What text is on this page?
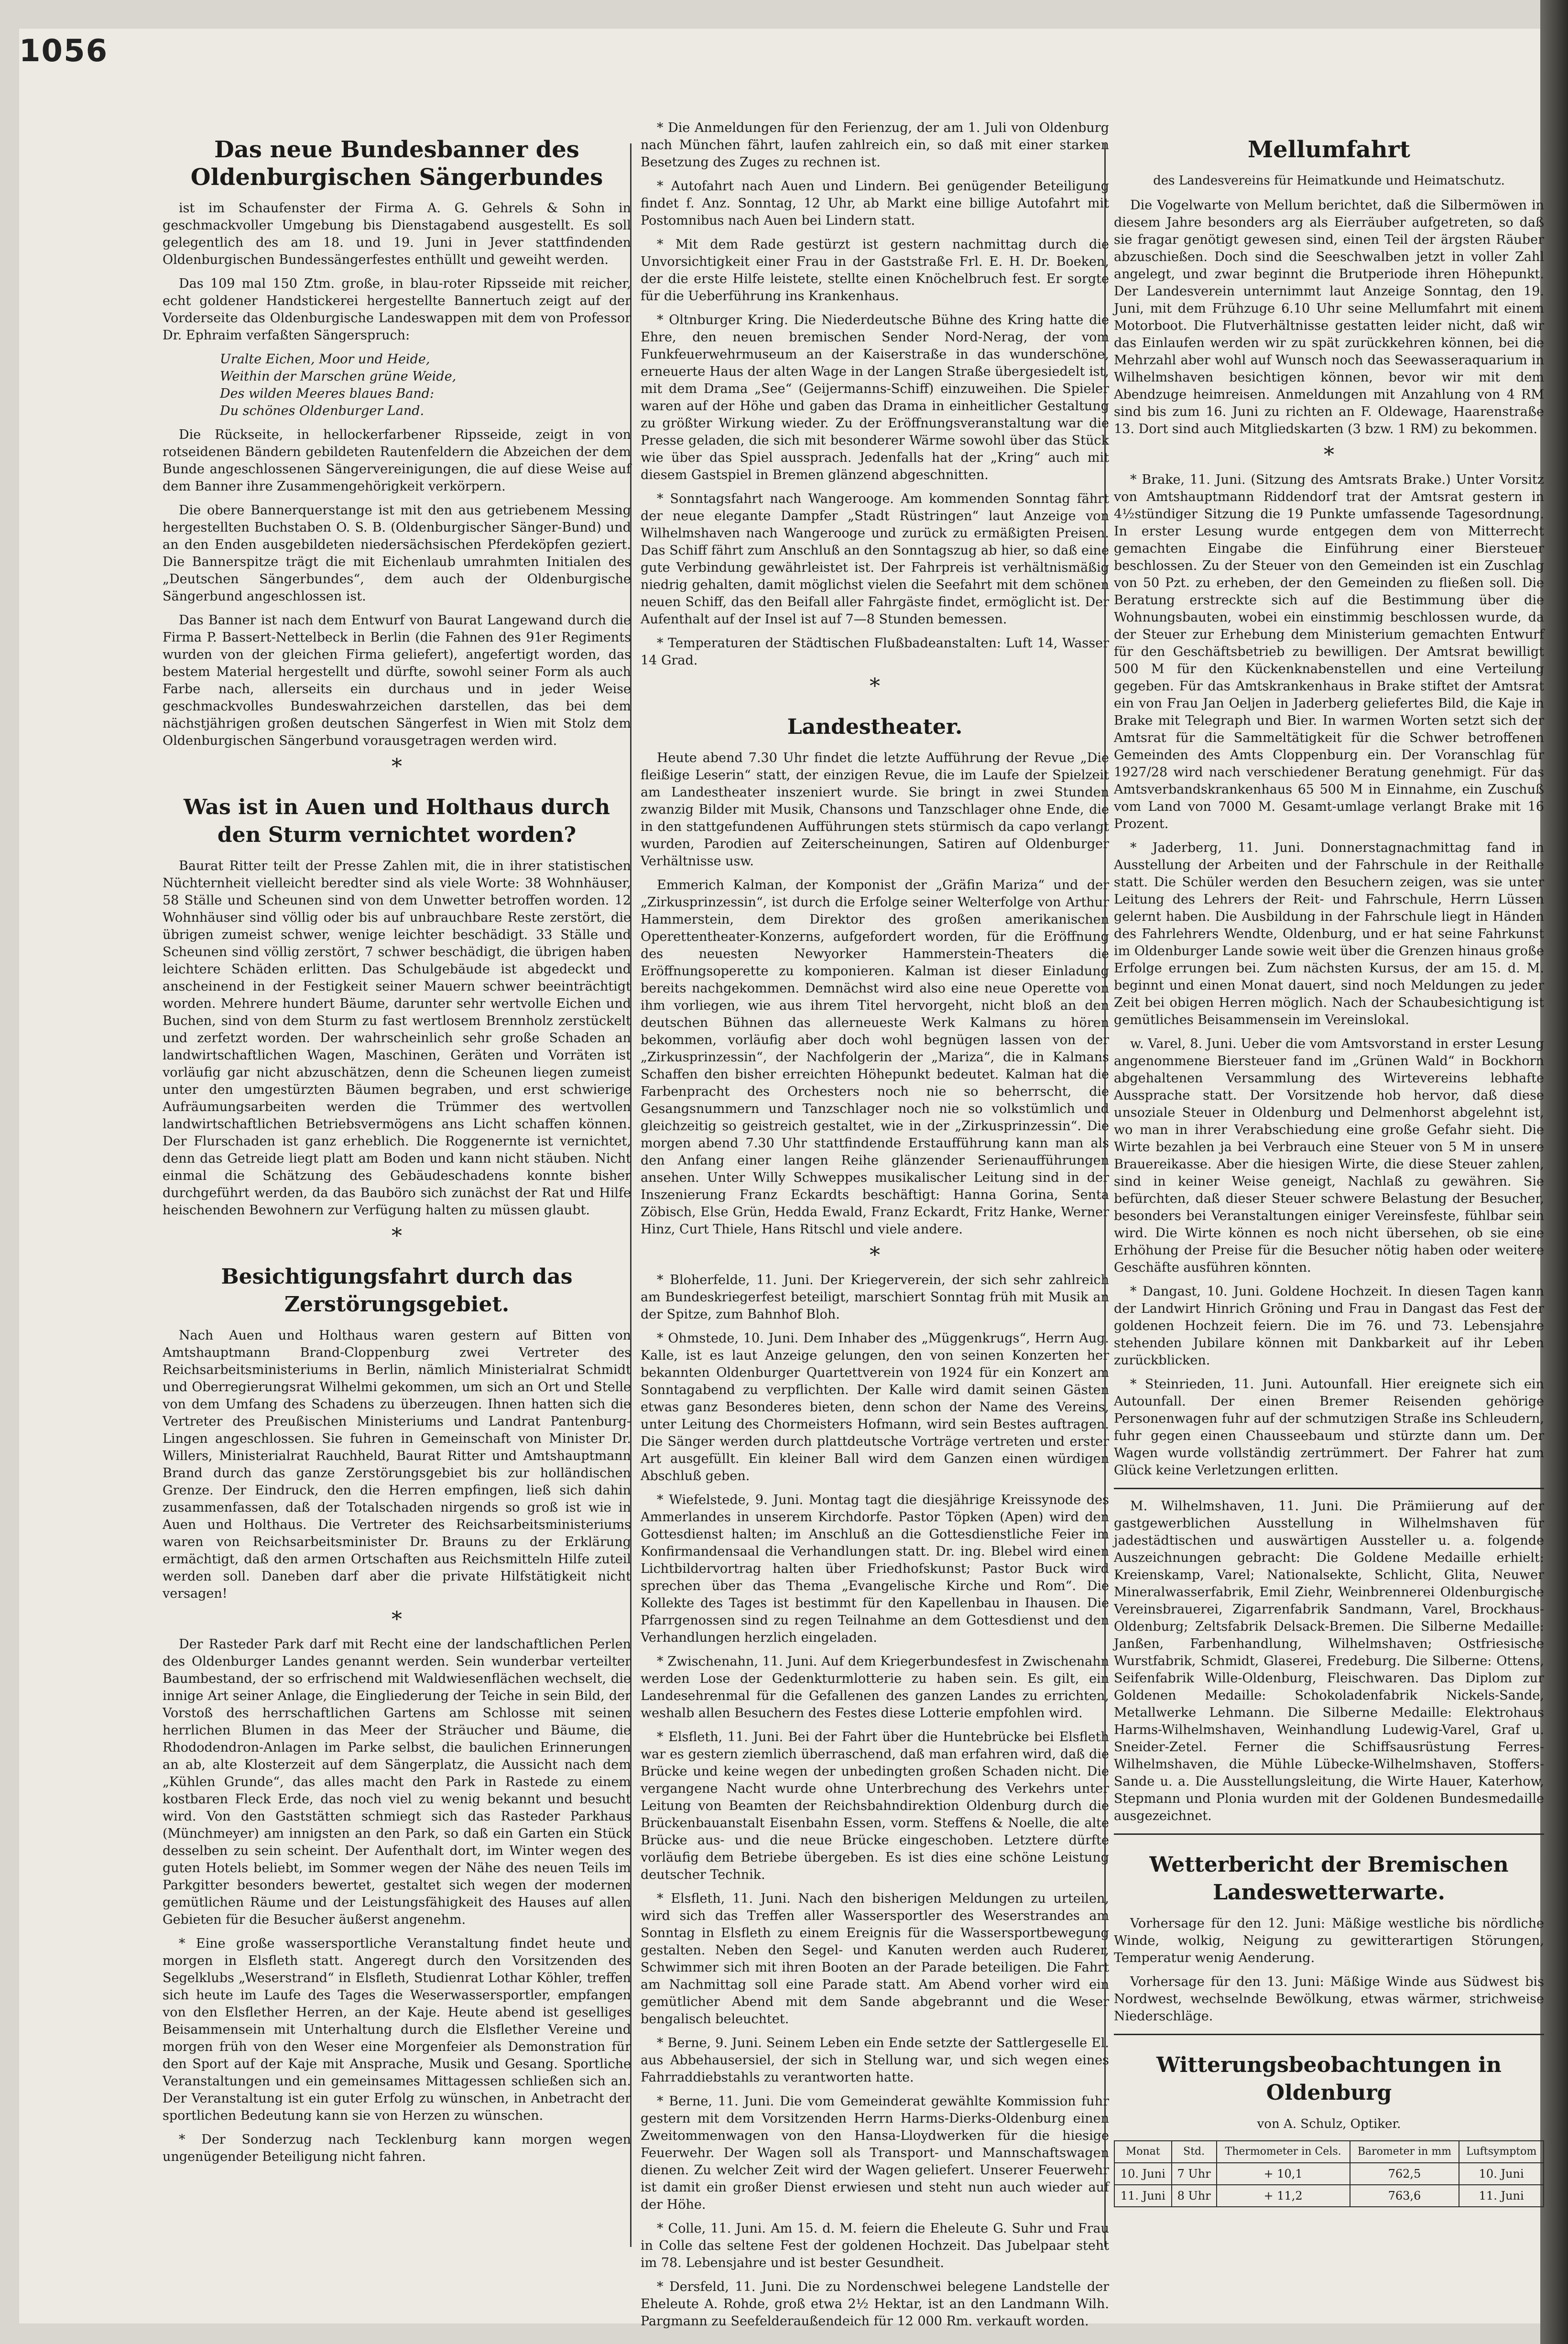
1056
Das neue Bundesbanner des Oldenburgischen Sängerbundes

ist im Schaufenster der Firma A. G. Gehrels & Sohn in geschmackvoller Umgebung bis Dienstagabend ausgestellt. Es soll gelegentlich des am 18. und 19. Juni in Jever stattfindenden Oldenburgischen Bundessängerfestes enthüllt und geweiht werden.

Das 109 mal 150 Ztm. große, in blau-roter Ripsseide mit reicher, echt goldener Handstickerei hergestellte Bannertuch zeigt auf der Vorderseite das Oldenburgische Landeswappen mit dem von Professor Dr. Ephraim verfaßten Sängerspruch:

Uralte Eichen, Moor und Heide,
Weithin der Marschen grüne Weide,
Des wilden Meeres blaues Band:
Du schönes Oldenburger Land.

Die Rückseite, in hellockerfarbener Ripsseide, zeigt in von rotseidenen Bändern gebildeten Rautenfeldern die Abzeichen der dem Bunde angeschlossenen Sängervereinigungen, die auf diese Weise auf dem Banner ihre Zusammengehörigkeit verkörpern.

Die obere Bannerquerstange ist mit den aus getriebenem Messing hergestellten Buchstaben O. S. B. (Oldenburgischer Sänger-Bund) und an den Enden ausgebildeten niedersächsischen Pferdeköpfen geziert. Die Bannerspitze trägt die mit Eichenlaub umrahmten Initialen des „Deutschen Sängerbundes“, dem auch der Oldenburgische Sängerbund angeschlossen ist.

Das Banner ist nach dem Entwurf von Baurat Langewand durch die Firma P. Bassert-Nettelbeck in Berlin (die Fahnen des 91er Regiments wurden von der gleichen Firma geliefert), angefertigt worden, das bestem Material hergestellt und dürfte, sowohl seiner Form als auch Farbe nach, allerseits ein durchaus und in jeder Weise geschmackvolles Bundeswahrzeichen darstellen, das bei dem nächstjährigen großen deutschen Sängerfest in Wien mit Stolz dem Oldenburgischen Sängerbund vorausgetragen werden wird.

*
Was ist in Auen und Holthaus durch den Sturm vernichtet worden?

Baurat Ritter teilt der Presse Zahlen mit, die in ihrer statistischen Nüchternheit vielleicht beredter sind als viele Worte: 38 Wohnhäuser, 58 Ställe und Scheunen sind von dem Unwetter betroffen worden. 12 Wohnhäuser sind völlig oder bis auf unbrauchbare Reste zerstört, die übrigen zumeist schwer, wenige leichter beschädigt. 33 Ställe und Scheunen sind völlig zerstört, 7 schwer beschädigt, die übrigen haben leichtere Schäden erlitten. Das Schulgebäude ist abgedeckt und anscheinend in der Festigkeit seiner Mauern schwer beeinträchtigt worden. Mehrere hundert Bäume, darunter sehr wertvolle Eichen und Buchen, sind von dem Sturm zu fast wertlosem Brennholz zerstückelt und zerfetzt worden. Der wahrscheinlich sehr große Schaden an landwirtschaftlichen Wagen, Maschinen, Geräten und Vorräten ist vorläufig gar nicht abzuschätzen, denn die Scheunen liegen zumeist unter den umgestürzten Bäumen begraben, und erst schwierige Aufräumungsarbeiten werden die Trümmer des wertvollen landwirtschaftlichen Betriebsvermögens ans Licht schaffen können. Der Flurschaden ist ganz erheblich. Die Roggenernte ist vernichtet, denn das Getreide liegt platt am Boden und kann nicht stäuben. Nicht einmal die Schätzung des Gebäudeschadens konnte bisher durchgeführt werden, da das Bauböro sich zunächst der Rat und Hilfe heischenden Bewohnern zur Verfügung halten zu müssen glaubt.

*
Besichtigungsfahrt durch das Zerstörungsgebiet.

Nach Auen und Holthaus waren gestern auf Bitten von Amtshauptmann Brand-Cloppenburg zwei Vertreter des Reichsarbeitsministeriums in Berlin, nämlich Ministerialrat Schmidt und Oberregierungsrat Wilhelmi gekommen, um sich an Ort und Stelle von dem Umfang des Schadens zu überzeugen. Ihnen hatten sich die Vertreter des Preußischen Ministeriums und Landrat Pantenburg-Lingen angeschlossen. Sie fuhren in Gemeinschaft von Minister Dr. Willers, Ministerialrat Rauchheld, Baurat Ritter und Amtshauptmann Brand durch das ganze Zerstörungsgebiet bis zur holländischen Grenze. Der Eindruck, den die Herren empfingen, ließ sich dahin zusammenfassen, daß der Totalschaden nirgends so groß ist wie in Auen und Holthaus. Die Vertreter des Reichsarbeitsministeriums waren von Reichsarbeitsminister Dr. Brauns zu der Erklärung ermächtigt, daß den armen Ortschaften aus Reichsmitteln Hilfe zuteil werden soll. Daneben darf aber die private Hilfstätigkeit nicht versagen!

*

Der Rasteder Park darf mit Recht eine der landschaftlichen Perlen des Oldenburger Landes genannt werden. Sein wunderbar verteilter Baumbestand, der so erfrischend mit Waldwiesenflächen wechselt, die innige Art seiner Anlage, die Eingliederung der Teiche in sein Bild, der Vorstoß des herrschaftlichen Gartens am Schlosse mit seinen herrlichen Blumen in das Meer der Sträucher und Bäume, die Rhododendron-Anlagen im Parke selbst, die baulichen Erinnerungen an ab, alte Klosterzeit auf dem Sängerplatz, die Aussicht nach dem „Kühlen Grunde“, das alles macht den Park in Rastede zu einem kostbaren Fleck Erde, das noch viel zu wenig bekannt und besucht wird. Von den Gaststätten schmiegt sich das Rasteder Parkhaus (Münchmeyer) am innigsten an den Park, so daß ein Garten ein Stück desselben zu sein scheint. Der Aufenthalt dort, im Winter wegen des guten Hotels beliebt, im Sommer wegen der Nähe des neuen Teils im Parkgitter besonders bewertet, gestaltet sich wegen der modernen gemütlichen Räume und der Leistungsfähigkeit des Hauses auf allen Gebieten für die Besucher äußerst angenehm.

* Eine große wassersportliche Veranstaltung findet heute und morgen in Elsfleth statt. Angeregt durch den Vorsitzenden des Segelklubs „Weserstrand“ in Elsfleth, Studienrat Lothar Köhler, treffen sich heute im Laufe des Tages die Weserwassersportler, empfangen von den Elsflether Herren, an der Kaje. Heute abend ist geselliges Beisammensein mit Unterhaltung durch die Elsflether Vereine und morgen früh von den Weser eine Morgenfeier als Demonstration für den Sport auf der Kaje mit Ansprache, Musik und Gesang. Sportliche Veranstaltungen und ein gemeinsames Mittagessen schließen sich an. Der Veranstaltung ist ein guter Erfolg zu wünschen, in Anbetracht der sportlichen Bedeutung kann sie von Herzen zu wünschen.

* Der Sonderzug nach Tecklenburg kann morgen wegen ungenügender Beteiligung nicht fahren.

* Die Anmeldungen für den Ferienzug, der am 1. Juli von Oldenburg nach München fährt, laufen zahlreich ein, so daß mit einer starken Besetzung des Zuges zu rechnen ist.

* Autofahrt nach Auen und Lindern. Bei genügender Beteiligung findet f. Anz. Sonntag, 12 Uhr, ab Markt eine billige Autofahrt mit Postomnibus nach Auen bei Lindern statt.

* Mit dem Rade gestürzt ist gestern nachmittag durch die Unvorsichtigkeit einer Frau in der Gaststraße Frl. E. H. Dr. Boeken, der die erste Hilfe leistete, stellte einen Knöchelbruch fest. Er sorgte für die Ueberführung ins Krankenhaus.

* Oltnburger Kring. Die Niederdeutsche Bühne des Kring hatte die Ehre, den neuen bremischen Sender Nord-Nerag, der vom Funkfeuerwehrmuseum an der Kaiserstraße in das wunderschöne, erneuerte Haus der alten Wage in der Langen Straße übergesiedelt ist, mit dem Drama „See“ (Geijermanns-Schiff) einzuweihen. Die Spieler waren auf der Höhe und gaben das Drama in einheitlicher Gestaltung zu größter Wirkung wieder. Zu der Eröffnungsveranstaltung war die Presse geladen, die sich mit besonderer Wärme sowohl über das Stück wie über das Spiel aussprach. Jedenfalls hat der „Kring“ auch mit diesem Gastspiel in Bremen glänzend abgeschnitten.

* Sonntagsfahrt nach Wangerooge. Am kommenden Sonntag fährt der neue elegante Dampfer „Stadt Rüstringen“ laut Anzeige von Wilhelmshaven nach Wangerooge und zurück zu ermäßigten Preisen. Das Schiff fährt zum Anschluß an den Sonntagszug ab hier, so daß eine gute Verbindung gewährleistet ist. Der Fahrpreis ist verhältnismäßig niedrig gehalten, damit möglichst vielen die Seefahrt mit dem schönen neuen Schiff, das den Beifall aller Fahrgäste findet, ermöglicht ist. Der Aufenthalt auf der Insel ist auf 7—8 Stunden bemessen.

* Temperaturen der Städtischen Flußbadeanstalten: Luft 14, Wasser 14 Grad.

*
Landestheater.

Heute abend 7.30 Uhr findet die letzte Aufführung der Revue „Die fleißige Leserin“ statt, der einzigen Revue, die im Laufe der Spielzeit am Landestheater inszeniert wurde. Sie bringt in zwei Stunden zwanzig Bilder mit Musik, Chansons und Tanzschlager ohne Ende, die in den stattgefundenen Aufführungen stets stürmisch da capo verlangt wurden, Parodien auf Zeiterscheinungen, Satiren auf Oldenburger Verhältnisse usw.

Emmerich Kalman, der Komponist der „Gräfin Mariza“ und der „Zirkusprinzessin“, ist durch die Erfolge seiner Welterfolge von Arthur Hammerstein, dem Direktor des großen amerikanischen Operettentheater-Konzerns, aufgefordert worden, für die Eröffnung des neuesten Newyorker Hammerstein-Theaters die Eröffnungsoperette zu komponieren. Kalman ist dieser Einladung bereits nachgekommen. Demnächst wird also eine neue Operette von ihm vorliegen, wie aus ihrem Titel hervorgeht, nicht bloß an den deutschen Bühnen das allerneueste Werk Kalmans zu hören bekommen, vorläufig aber doch wohl begnügen lassen von der „Zirkusprinzessin“, der Nachfolgerin der „Mariza“, die in Kalmans Schaffen den bisher erreichten Höhepunkt bedeutet. Kalman hat die Farbenpracht des Orchesters noch nie so beherrscht, die Gesangsnummern und Tanzschlager noch nie so volkstümlich und gleichzeitig so geistreich gestaltet, wie in der „Zirkusprinzessin“. Die morgen abend 7.30 Uhr stattfindende Erstaufführung kann man als den Anfang einer langen Reihe glänzender Serienaufführungen ansehen. Unter Willy Schweppes musikalischer Leitung sind in der Inszenierung Franz Eckardts beschäftigt: Hanna Gorina, Senta Zöbisch, Else Grün, Hedda Ewald, Franz Eckardt, Fritz Hanke, Werner Hinz, Curt Thiele, Hans Ritschl und viele andere.

*

* Bloherfelde, 11. Juni. Der Kriegerverein, der sich sehr zahlreich am Bundeskriegerfest beteiligt, marschiert Sonntag früh mit Musik an der Spitze, zum Bahnhof Bloh.

* Ohmstede, 10. Juni. Dem Inhaber des „Müggenkrugs“, Herrn Aug. Kalle, ist es laut Anzeige gelungen, den von seinen Konzerten her bekannten Oldenburger Quartettverein von 1924 für ein Konzert am Sonntagabend zu verpflichten. Der Kalle wird damit seinen Gästen etwas ganz Besonderes bieten, denn schon der Name des Vereins, unter Leitung des Chormeisters Hofmann, wird sein Bestes auftragen. Die Sänger werden durch plattdeutsche Vorträge vertreten und erster Art ausgefüllt. Ein kleiner Ball wird dem Ganzen einen würdigen Abschluß geben.

* Wiefelstede, 9. Juni. Montag tagt die diesjährige Kreissynode des Ammerlandes in unserem Kirchdorfe. Pastor Töpken (Apen) wird den Gottesdienst halten; im Anschluß an die Gottesdienstliche Feier im Konfirmandensaal die Verhandlungen statt. Dr. ing. Blebel wird einen Lichtbildervortrag halten über Friedhofskunst; Pastor Buck wird sprechen über das Thema „Evangelische Kirche und Rom“. Die Kollekte des Tages ist bestimmt für den Kapellenbau in Ihausen. Die Pfarrgenossen sind zu regen Teilnahme an dem Gottesdienst und den Verhandlungen herzlich eingeladen.

* Zwischenahn, 11. Juni. Auf dem Kriegerbundesfest in Zwischenahn werden Lose der Gedenkturmlotterie zu haben sein. Es gilt, ein Landesehrenmal für die Gefallenen des ganzen Landes zu errichten, weshalb allen Besuchern des Festes diese Lotterie empfohlen wird.

* Elsfleth, 11. Juni. Bei der Fahrt über die Huntebrücke bei Elsfleth war es gestern ziemlich überraschend, daß man erfahren wird, daß die Brücke und keine wegen der unbedingten großen Schaden nicht. Die vergangene Nacht wurde ohne Unterbrechung des Verkehrs unter Leitung von Beamten der Reichsbahndirektion Oldenburg durch die Brückenbauanstalt Eisenbahn Essen, vorm. Steffens & Noelle, die alte Brücke aus- und die neue Brücke eingeschoben. Letztere dürfte vorläufig dem Betriebe übergeben. Es ist dies eine schöne Leistung deutscher Technik.

* Elsfleth, 11. Juni. Nach den bisherigen Meldungen zu urteilen, wird sich das Treffen aller Wassersportler des Weserstrandes am Sonntag in Elsfleth zu einem Ereignis für die Wassersportbewegung gestalten. Neben den Segel- und Kanuten werden auch Ruderer, Schwimmer sich mit ihren Booten an der Parade beteiligen. Die Fahrt am Nachmittag soll eine Parade statt. Am Abend vorher wird ein gemütlicher Abend mit dem Sande abgebrannt und die Weser bengalisch beleuchtet.

* Berne, 9. Juni. Seinem Leben ein Ende setzte der Sattlergeselle El. aus Abbehausersiel, der sich in Stellung war, und sich wegen eines Fahrraddiebstahls zu verantworten hatte.

* Berne, 11. Juni. Die vom Gemeinderat gewählte Kommission fuhr gestern mit dem Vorsitzenden Herrn Harms-Dierks-Oldenburg einen Zweitommenwagen von den Hansa-Lloydwerken für die hiesige Feuerwehr. Der Wagen soll als Transport- und Mannschaftswagen dienen. Zu welcher Zeit wird der Wagen geliefert. Unserer Feuerwehr ist damit ein großer Dienst erwiesen und steht nun auch wieder auf der Höhe.

* Colle, 11. Juni. Am 15. d. M. feiern die Eheleute G. Suhr und Frau in Colle das seltene Fest der goldenen Hochzeit. Das Jubelpaar steht im 78. Lebensjahre und ist bester Gesundheit.

* Dersfeld, 11. Juni. Die zu Nordenschwei belegene Landstelle der Eheleute A. Rohde, groß etwa 2½ Hektar, ist an den Landmann Wilh. Pargmann zu Seefelderaußendeich für 12 000 Rm. verkauft worden.

Mellumfahrt
des Landesvereins für Heimatkunde und Heimatschutz.

Die Vogelwarte von Mellum berichtet, daß die Silbermöwen in diesem Jahre besonders arg als Eierräuber aufgetreten, so daß sie fragar genötigt gewesen sind, einen Teil der ärgsten Räuber abzuschießen. Doch sind die Seeschwalben jetzt in voller Zahl angelegt, und zwar beginnt die Brutperiode ihren Höhepunkt. Der Landesverein unternimmt laut Anzeige Sonntag, den 19. Juni, mit dem Frühzuge 6.10 Uhr seine Mellumfahrt mit einem Motorboot. Die Flutverhältnisse gestatten leider nicht, daß wir das Einlaufen werden wir zu spät zurückkehren können, bei die Mehrzahl aber wohl auf Wunsch noch das Seewasseraquarium in Wilhelmshaven besichtigen können, bevor wir mit dem Abendzuge heimreisen. Anmeldungen mit Anzahlung von 4 RM sind bis zum 16. Juni zu richten an F. Oldewage, Haarenstraße 13. Dort sind auch Mitgliedskarten (3 bzw. 1 RM) zu bekommen.

*

* Brake, 11. Juni. (Sitzung des Amtsrats Brake.) Unter Vorsitz von Amtshauptmann Riddendorf trat der Amtsrat gestern in 4½stündiger Sitzung die 19 Punkte umfassende Tagesordnung. In erster Lesung wurde entgegen dem von Mitterrecht gemachten Eingabe die Einführung einer Biersteuer beschlossen. Zu der Steuer von den Gemeinden ist ein Zuschlag von 50 Pzt. zu erheben, der den Gemeinden zu fließen soll. Die Beratung erstreckte sich auf die Bestimmung über die Wohnungsbauten, wobei ein einstimmig beschlossen wurde, da der Steuer zur Erhebung dem Ministerium gemachten Entwurf für den Geschäftsbetrieb zu bewilligen. Der Amtsrat bewilligt 500 M für den Kückenknabenstellen und eine Verteilung gegeben. Für das Amtskrankenhaus in Brake stiftet der Amtsrat ein von Frau Jan Oeljen in Jaderberg geliefertes Bild, die Kaje in Brake mit Telegraph und Bier. In warmen Worten setzt sich der Amtsrat für die Sammeltätigkeit für die Schwer betroffenen Gemeinden des Amts Cloppenburg ein. Der Voranschlag für 1927/28 wird nach verschiedener Beratung genehmigt. Für das Amtsverbandskrankenhaus 65 500 M in Einnahme, ein Zuschuß vom Land von 7000 M. Gesamt-umlage verlangt Brake mit 16 Prozent.

* Jaderberg, 11. Juni. Donnerstagnachmittag fand in Ausstellung der Arbeiten und der Fahrschule in der Reithalle statt. Die Schüler werden den Besuchern zeigen, was sie unter Leitung des Lehrers der Reit- und Fahrschule, Herrn Lüssen gelernt haben. Die Ausbildung in der Fahrschule liegt in Händen des Fahrlehrers Wendte, Oldenburg, und er hat seine Fahrkunst im Oldenburger Lande sowie weit über die Grenzen hinaus große Erfolge errungen bei. Zum nächsten Kursus, der am 15. d. M. beginnt und einen Monat dauert, sind noch Meldungen zu jeder Zeit bei obigen Herren möglich. Nach der Schaubesichtigung ist gemütliches Beisammensein im Vereinslokal.

w. Varel, 8. Juni. Ueber die vom Amtsvorstand in erster Lesung angenommene Biersteuer fand im „Grünen Wald“ in Bockhorn abgehaltenen Versammlung des Wirtevereins lebhafte Aussprache statt. Der Vorsitzende hob hervor, daß diese unsoziale Steuer in Oldenburg und Delmenhorst abgelehnt ist, wo man in ihrer Verabschiedung eine große Gefahr sieht. Die Wirte bezahlen ja bei Verbrauch eine Steuer von 5 M in unsere Brauereikasse. Aber die hiesigen Wirte, die diese Steuer zahlen, sind in keiner Weise geneigt, Nachlaß zu gewähren. Sie befürchten, daß dieser Steuer schwere Belastung der Besucher, besonders bei Veranstaltungen einiger Vereinsfeste, fühlbar sein wird. Die Wirte können es noch nicht übersehen, ob sie eine Erhöhung der Preise für die Besucher nötig haben oder weitere Geschäfte ausführen könnten.

* Dangast, 10. Juni. Goldene Hochzeit. In diesen Tagen kann der Landwirt Hinrich Gröning und Frau in Dangast das Fest der goldenen Hochzeit feiern. Die im 76. und 73. Lebensjahre stehenden Jubilare können mit Dankbarkeit auf ihr Leben zurückblicken.

* Steinrieden, 11. Juni. Autounfall. Hier ereignete sich ein Autounfall. Der einen Bremer Reisenden gehörige Personenwagen fuhr auf der schmutzigen Straße ins Schleudern, fuhr gegen einen Chausseebaum und stürzte dann um. Der Wagen wurde vollständig zertrümmert. Der Fahrer hat zum Glück keine Verletzungen erlitten.

M. Wilhelmshaven, 11. Juni. Die Prämiierung auf der gastgewerblichen Ausstellung in Wilhelmshaven für jadestädtischen und auswärtigen Aussteller u. a. folgende Auszeichnungen gebracht: Die Goldene Medaille erhielt: Kreienskamp, Varel; Nationalsekte, Schlicht, Glita, Neuwer Mineralwasserfabrik, Emil Ziehr, Weinbrennerei Oldenburgische Vereinsbrauerei, Zigarrenfabrik Sandmann, Varel, Brockhaus-Oldenburg; Zeltsfabrik Delsack-Bremen. Die Silberne Medaille: Janßen, Farbenhandlung, Wilhelmshaven; Ostfriesische Wurstfabrik, Schmidt, Glaserei, Fredeburg. Die Silberne: Ottens, Seifenfabrik Wille-Oldenburg, Fleischwaren. Das Diplom zur Goldenen Medaille: Schokoladenfabrik Nickels-Sande, Metallwerke Lehmann. Die Silberne Medaille: Elektrohaus Harms-Wilhelmshaven, Weinhandlung Ludewig-Varel, Graf u. Sneider-Zetel. Ferner die Schiffsausrüstung Ferres-Wilhelmshaven, die Mühle Lübecke-Wilhelmshaven, Stoffers-Sande u. a. Die Ausstellungsleitung, die Wirte Hauer, Katerhow, Stepmann und Plonia wurden mit der Goldenen Bundesmedaille ausgezeichnet.

Wetterbericht der Bremischen Landeswetterwarte.

Vorhersage für den 12. Juni: Mäßige westliche bis nördliche Winde, wolkig, Neigung zu gewitterartigen Störungen, Temperatur wenig Aenderung.

Vorhersage für den 13. Juni: Mäßige Winde aus Südwest bis Nordwest, wechselnde Bewölkung, etwas wärmer, strichweise Niederschläge.

Witterungsbeobachtungen in Oldenburg
von A. Schulz, Optiker.
Monat	Std.	Thermometer in Cels.	Barometer in mm	Luftsymptom
10. Juni	7 Uhr	+ 10,1	762,5	10. Juni
11. Juni	8 Uhr	+ 11,2	763,6	11. Juni
